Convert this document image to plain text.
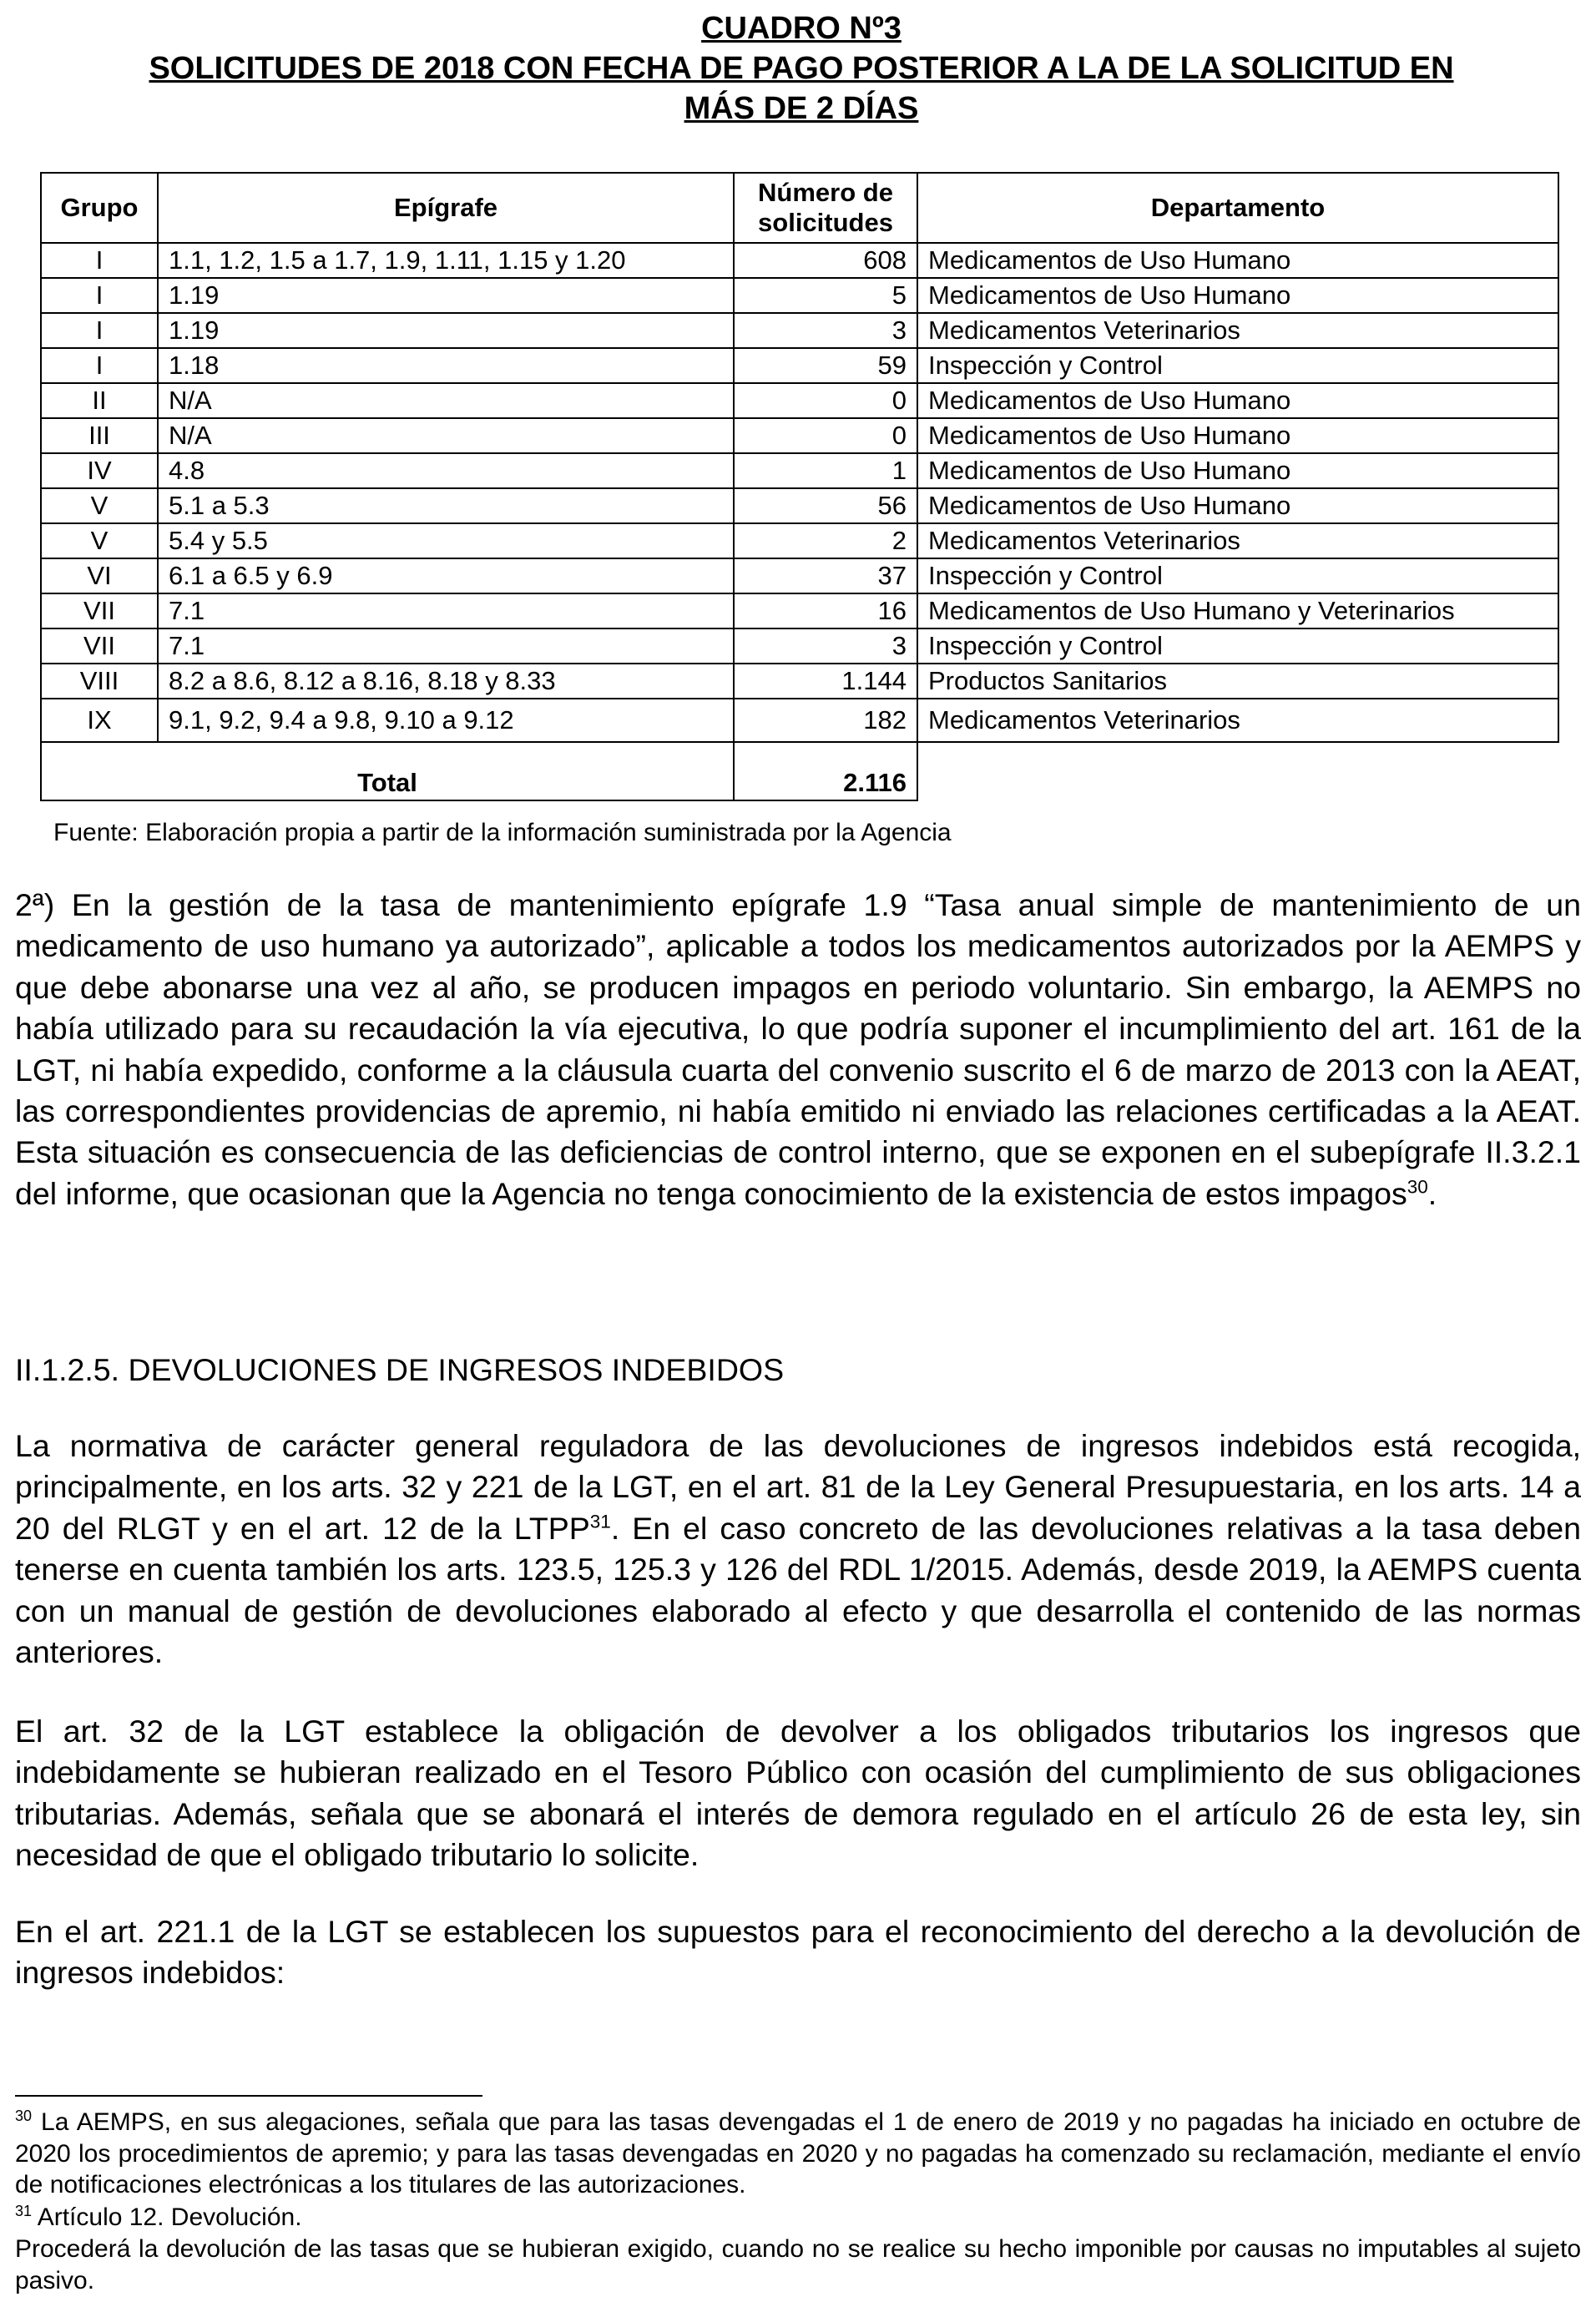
CUADRO Nº3

SOLICITUDES DE 2018 CON FECHA DE PAGO POSTERIOR A LA DE LA SOLICITUD EN

MÁS DE 2 DÍAS

Grupo	Epígrafe	Número de solicitudes	Departamento
I	1.1, 1.2, 1.5 a 1.7, 1.9, 1.11, 1.15 y 1.20	608	Medicamentos de Uso Humano
I	1.19	5	Medicamentos de Uso Humano
I	1.19	3	Medicamentos Veterinarios
I	1.18	59	Inspección y Control
II	N/A	0	Medicamentos de Uso Humano
III	N/A	0	Medicamentos de Uso Humano
IV	4.8	1	Medicamentos de Uso Humano
V	5.1 a 5.3	56	Medicamentos de Uso Humano
V	5.4 y 5.5	2	Medicamentos Veterinarios
VI	6.1 a 6.5 y 6.9	37	Inspección y Control
VII	7.1	16	Medicamentos de Uso Humano y Veterinarios
VII	7.1	3	Inspección y Control
VIII	8.2 a 8.6, 8.12 a 8.16, 8.18 y 8.33	1.144	Productos Sanitarios
IX	9.1, 9.2, 9.4 a 9.8, 9.10 a 9.12	182	Medicamentos Veterinarios

Total		2.116	
Fuente: Elaboración propia a partir de la información suministrada por la Agencia

2ª) En la gestión de la tasa de mantenimiento epígrafe 1.9 “Tasa anual simple de mantenimiento de un medicamento de uso humano ya autorizado”, aplicable a todos los medicamentos autorizados por la AEMPS y que debe abonarse una vez al año, se producen impagos en periodo voluntario. Sin embargo, la AEMPS no había utilizado para su recaudación la vía ejecutiva, lo que podría suponer el incumplimiento del art. 161 de la LGT, ni había expedido, conforme a la cláusula cuarta del convenio suscrito el 6 de marzo de 2013 con la AEAT, las correspondientes providencias de apremio, ni había emitido ni enviado las relaciones certificadas a la AEAT. Esta situación es consecuencia de las deficiencias de control interno, que se exponen en el subepígrafe II.3.2.1 del informe, que ocasionan que la Agencia no tenga conocimiento de la existencia de estos impagos$^{30}$.

II.1.2.5. DEVOLUCIONES DE INGRESOS INDEBIDOS

La normativa de carácter general reguladora de las devoluciones de ingresos indebidos está recogida, principalmente, en los arts. 32 y 221 de la LGT, en el art. 81 de la Ley General Presupuestaria, en los arts. 14 a 20 del RLGT y en el art. 12 de la LTPP$^{31}$. En el caso concreto de las devoluciones relativas a la tasa deben tenerse en cuenta también los arts. 123.5, 125.3 y 126 del RDL 1/2015. Además, desde 2019, la AEMPS cuenta con un manual de gestión de devoluciones elaborado al efecto y que desarrolla el contenido de las normas anteriores.

El art. 32 de la LGT establece la obligación de devolver a los obligados tributarios los ingresos que indebidamente se hubieran realizado en el Tesoro Público con ocasión del cumplimiento de sus obligaciones tributarias. Además, señala que se abonará el interés de demora regulado en el artículo 26 de esta ley, sin necesidad de que el obligado tributario lo solicite.

En el art. 221.1 de la LGT se establecen los supuestos para el reconocimiento del derecho a la devolución de ingresos indebidos:

$^{30}$ La AEMPS, en sus alegaciones, señala que para las tasas devengadas el 1 de enero de 2019 y no pagadas ha iniciado en octubre de 2020 los procedimientos de apremio; y para las tasas devengadas en 2020 y no pagadas ha comenzado su reclamación, mediante el envío de notificaciones electrónicas a los titulares de las autorizaciones.

$^{31}$ Artículo 12. Devolución.

Procederá la devolución de las tasas que se hubieran exigido, cuando no se realice su hecho imponible por causas no imputables al sujeto pasivo.
